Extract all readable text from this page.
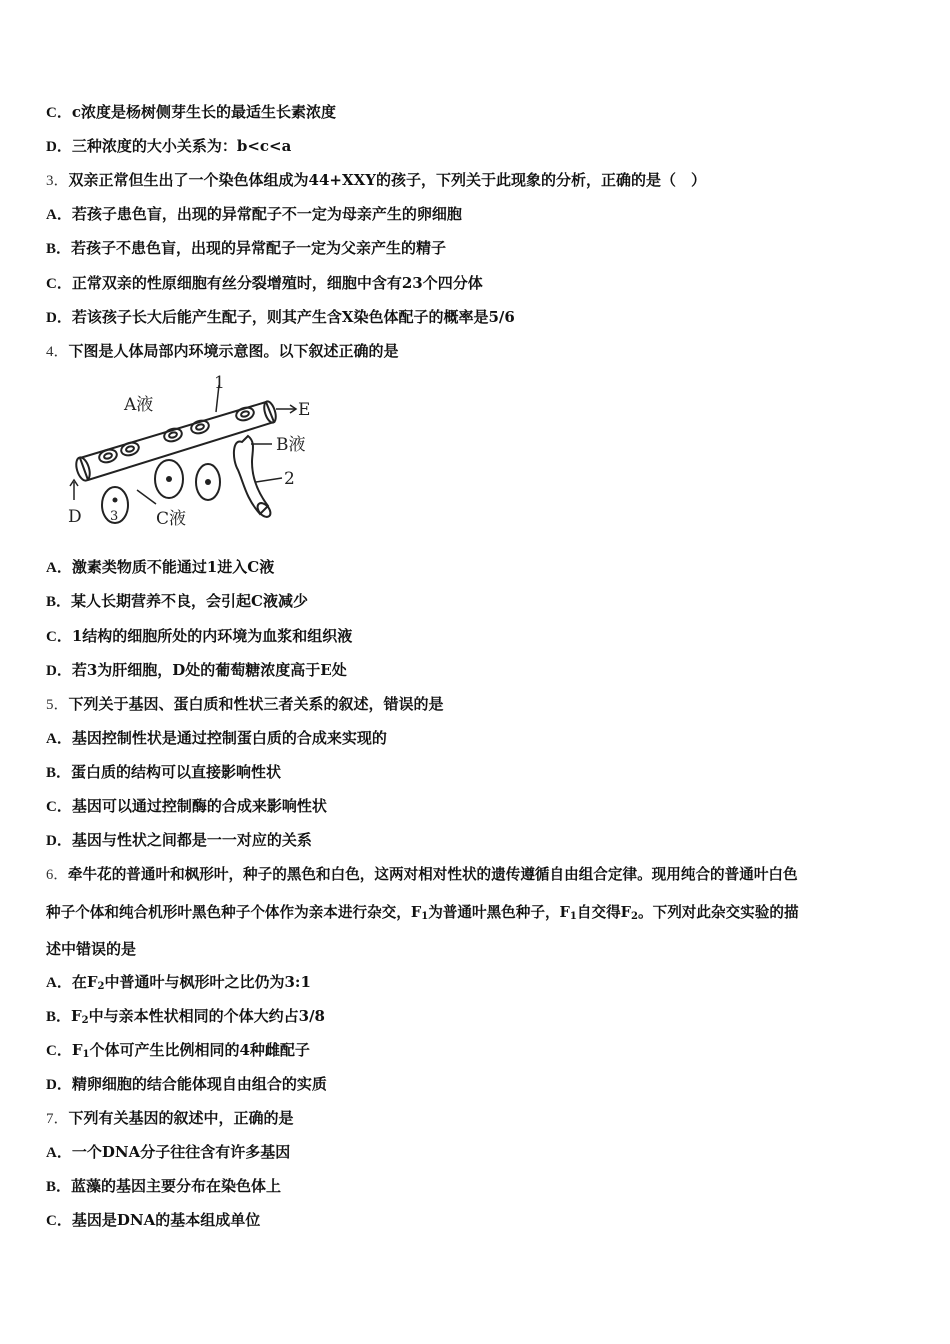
C．c浓度是杨树侧芽生长的最适生长素浓度
D．三种浓度的大小关系为：b<c<a
3．双亲正常但生出了一个染色体组成为44+XXY的孩子，下列关于此现象的分析，正确的是（　）
A．若孩子患色盲，出现的异常配子不一定为母亲产生的卵细胞
B．若孩子不患色盲，出现的异常配子一定为父亲产生的精子
C．正常双亲的性原细胞有丝分裂增殖时，细胞中含有23个四分体
D．若该孩子长大后能产生配子，则其产生含X染色体配子的概率是5/6
4．下图是人体局部内环境示意图。以下叙述正确的是
A液
1
E
B液
2
D 3 C液
A．激素类物质不能通过1进入C液
B．某人长期营养不良，会引起C液减少
C．1结构的细胞所处的内环境为血浆和组织液
D．若3为肝细胞，D处的葡萄糖浓度高于E处
5．下列关于基因、蛋白质和性状三者关系的叙述，错误的是
A．基因控制性状是通过控制蛋白质的合成来实现的
B．蛋白质的结构可以直接影响性状
C．基因可以通过控制酶的合成来影响性状
D．基因与性状之间都是一一对应的关系
6．牵牛花的普通叶和枫形叶，种子的黑色和白色，这两对相对性状的遗传遵循自由组合定律。现用纯合的普通叶白色
种子个体和纯合机形叶黑色种子个体作为亲本进行杂交，$F_1$为普通叶黑色种子，$F_1$自交得$F_2$。下列对此杂交实验的描
述中错误的是
A．在$F_2$中普通叶与枫形叶之比仍为3:1
B．$F_2$中与亲本性状相同的个体大约占3/8
C．$F_1$个体可产生比例相同的4种雌配子
D．精卵细胞的结合能体现自由组合的实质
7．下列有关基因的叙述中，正确的是
A．一个DNA分子往往含有许多基因
B．蓝藻的基因主要分布在染色体上
C．基因是DNA的基本组成单位
